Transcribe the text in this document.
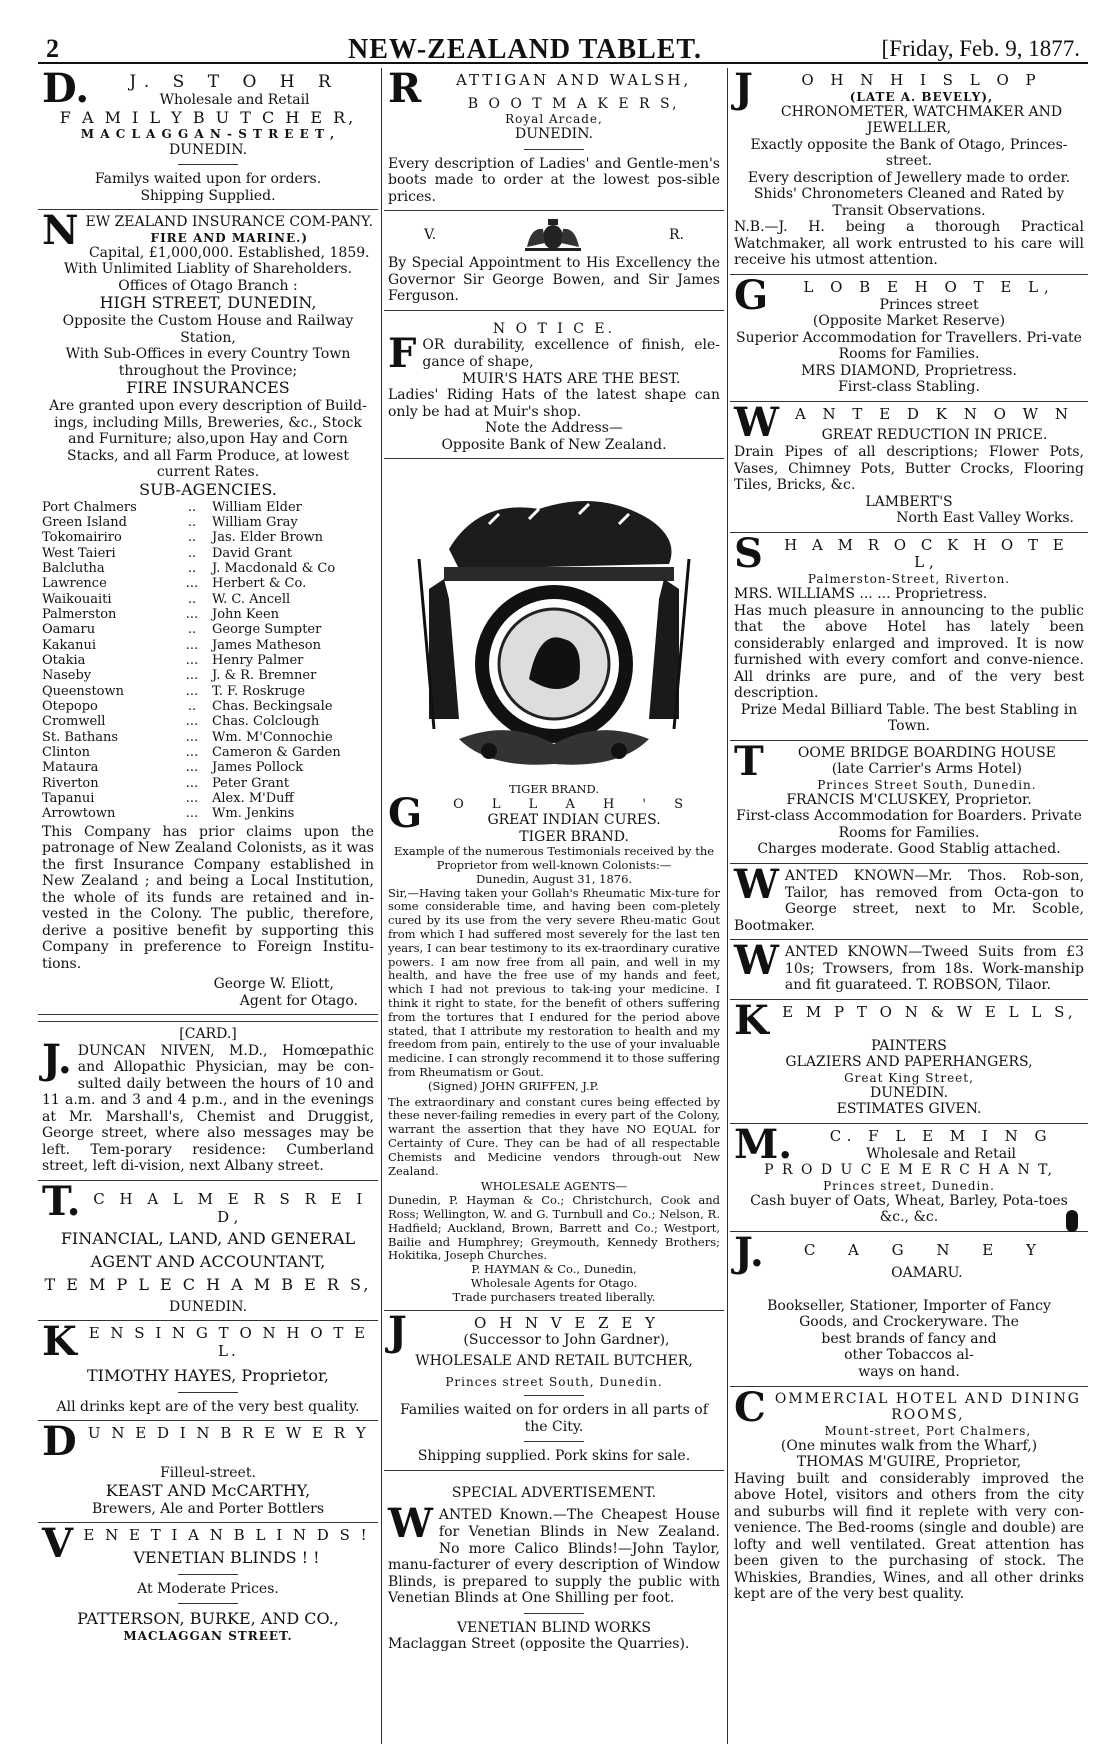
2	NEW-ZEALAND TABLET.	[Friday, Feb. 9, 1877.
D.	J. S T O H R
Wholesale and Retail
F A M I L Y B U T C H E R,
M A C L A G G A N - S T R E E T ,
DUNEDIN.
Familys waited upon for orders.
Shipping Supplied.
N EW ZEALAND INSURANCE COM-PANY.
FIRE AND MARINE.)
Capital, £1,000,000. Established, 1859.
With Unlimited Liablity of Shareholders.
Offices of Otago Branch :
HIGH STREET, DUNEDIN,
Opposite the Custom House and Railway Station,
With Sub-Offices in every Country Town throughout the Province;
FIRE INSURANCES
Are granted upon every description of Build-ings, including Mills, Breweries, &c., Stock and Furniture; also,upon Hay and Corn Stacks, and all Farm Produce, at lowest current Rates.
SUB-AGENCIES.
Port Chalmers	..	William Elder
Green Island	..	William Gray
Tokomairiro	..	Jas. Elder Brown
West Taieri	..	David Grant
Balclutha	..	J. Macdonald & Co
Lawrence	...	Herbert & Co.
Waikouaiti	..	W. C. Ancell
Palmerston	...	John Keen
Oamaru	..	George Sumpter
Kakanui	...	James Matheson
Otakia	...	Henry Palmer
Naseby	...	J. & R. Bremner
Queenstown	...	T. F. Roskruge
Otepopo	..	Chas. Beckingsale
Cromwell	...	Chas. Colclough
St. Bathans	...	Wm. M'Connochie
Clinton	...	Cameron & Garden
Mataura	...	James Pollock
Riverton	...	Peter Grant
Tapanui	...	Alex. M'Duff
Arrowtown	...	Wm. Jenkins
This Company has prior claims upon the patronage of New Zealand Colonists, as it was the first Insurance Company established in New Zealand ; and being a Local Institution, the whole of its funds are retained and in-vested in the Colony. The public, therefore, derive a positive benefit by supporting this Company in preference to Foreign Institu-tions.
George W. Eliott,
Agent for Otago.
[CARD.]
J. DUNCAN NIVEN, M.D., Homœpathic and Allopathic Physician, may be con-sulted daily between the hours of 10 and 11 a.m. and 3 and 4 p.m., and in the evenings at Mr. Marshall's, Chemist and Druggist, George street, where also messages may be left. Tem-porary residence: Cumberland street, left di-vision, next Albany street.
T. C H A L M E R S R E I D,
FINANCIAL, LAND, AND GENERAL
AGENT AND ACCOUNTANT,
T E M P L E C H A M B E R S,
DUNEDIN.
K E N S I N G T O N H O T E L.
TIMOTHY HAYES, Proprietor,
All drinks kept are of the very best quality.
D U N E D I N B R E W E R Y
Filleul-street.
KEAST AND McCARTHY,
Brewers, Ale and Porter Bottlers
V E N E T I A N B L I N D S !
VENETIAN BLINDS ! !
At Moderate Prices.
PATTERSON, BURKE, AND CO.,
MACLAGGAN STREET.
R	ATTIGAN AND WALSH,
B O O T M A K E R S,
Royal Arcade,
DUNEDIN.
Every description of Ladies' and Gentle-men's boots made to order at the lowest pos-sible prices.
V.	R.
By Special Appointment to His Excellency the Governor Sir George Bowen, and Sir James Ferguson.
N O T I C E.
F OR durability, excellence of finish, ele-gance of shape,
MUIR'S HATS ARE THE BEST.
Ladies' Riding Hats of the latest shape can only be had at Muir's shop.
Note the Address—
Opposite Bank of New Zealand.
TIGER BRAND.
G	O L L A H ' S
GREAT INDIAN CURES.
TIGER BRAND.
Example of the numerous Testimonials received by the Proprietor from well-known Colonists:—
Dunedin, August 31, 1876.
Sir,—Having taken your Gollah's Rheumatic Mix-ture for some considerable time, and having been com-pletely cured by its use from the very severe Rheu-matic Gout from which I had suffered most severely for the last ten years, I can bear testimony to its ex-traordinary curative powers. I am now free from all pain, and well in my health, and have the free use of my hands and feet, which I had not previous to tak-ing your medicine. I think it right to state, for the benefit of others suffering from the tortures that I endured for the period above stated, that I attribute my restoration to health and my freedom from pain, entirely to the use of your invaluable medicine. I can strongly recommend it to those suffering from Rheumatism or Gout.
(Signed) JOHN GRIFFEN, J.P.
The extraordinary and constant cures being effected by these never-failing remedies in every part of the Colony, warrant the assertion that they have NO EQUAL for Certainty of Cure. They can be had of all respectable Chemists and Medicine vendors through-out New Zealand.
WHOLESALE AGENTS—
Dunedin, P. Hayman & Co.; Christchurch, Cook and Ross; Wellington, W. and G. Turnbull and Co.; Nelson, R. Hadfield; Auckland, Brown, Barrett and Co.; Westport, Bailie and Humphrey; Greymouth, Kennedy Brothers; Hokitika, Joseph Churches.
P. HAYMAN & Co., Dunedin,
Wholesale Agents for Otago.
Trade purchasers treated liberally.
J	O H N V E Z E Y
(Successor to John Gardner),
WHOLESALE AND RETAIL BUTCHER,
Princes street South, Dunedin.
Families waited on for orders in all parts of the City.
Shipping supplied. Pork skins for sale.
SPECIAL ADVERTISEMENT.
W ANTED Known.—The Cheapest House for Venetian Blinds in New Zealand. No more Calico Blinds!—John Taylor, manu-facturer of every description of Window Blinds, is prepared to supply the public with Venetian Blinds at One Shilling per foot.
VENETIAN BLIND WORKS
Maclaggan Street (opposite the Quarries).
J	O H N H I S L O P
(LATE A. BEVELY),
CHRONOMETER, WATCHMAKER AND JEWELLER,
Exactly opposite the Bank of Otago, Princes-street.
Every description of Jewellery made to order.
Shids' Chronometers Cleaned and Rated by Transit Observations.
N.B.—J. H. being a thorough Practical Watchmaker, all work entrusted to his care will receive his utmost attention.
G	L O B E H O T E L,
Princes street
(Opposite Market Reserve)
Superior Accommodation for Travellers. Pri-vate Rooms for Families.
MRS DIAMOND, Proprietress.
First-class Stabling.
W	A N T E D K N O W N
GREAT REDUCTION IN PRICE.
Drain Pipes of all descriptions; Flower Pots, Vases, Chimney Pots, Butter Crocks, Flooring Tiles, Bricks, &c.
LAMBERT'S
North East Valley Works.
S	H A M R O C K H O T E L,
Palmerston-Street, Riverton.
MRS. WILLIAMS ... ... Proprietress.
Has much pleasure in announcing to the public that the above Hotel has lately been considerably enlarged and improved. It is now furnished with every comfort and conve-nience. All drinks are pure, and of the very best description.
Prize Medal Billiard Table. The best Stabling in Town.
T	OOME BRIDGE BOARDING HOUSE
(late Carrier's Arms Hotel)
Princes Street South, Dunedin.
FRANCIS M'CLUSKEY, Proprietor.
First-class Accommodation for Boarders. Private Rooms for Families.
Charges moderate. Good Stablig attached.
W ANTED KNOWN—Mr. Thos. Rob-son, Tailor, has removed from Octa-gon to George street, next to Mr. Scoble, Bootmaker.
W ANTED KNOWN—Tweed Suits from £3 10s; Trowsers, from 18s. Work-manship and fit guarateed. T. ROBSON, Tilaor.
K E M P T O N & W E L L S,
PAINTERS
GLAZIERS AND PAPERHANGERS,
Great King Street,
DUNEDIN.
ESTIMATES GIVEN.
M.	C. F L E M I N G
Wholesale and Retail
P R O D U C E M E R C H A N T,
Princes street, Dunedin.
Cash buyer of Oats, Wheat, Barley, Pota-toes &c., &c.
J.	C A G N E Y
OAMARU.
Bookseller, Stationer, Importer of Fancy
Goods, and Crockeryware. The
best brands of fancy and
other Tobaccos al-
ways on hand.
C OMMERCIAL HOTEL AND DINING ROOMS,
Mount-street, Port Chalmers,
(One minutes walk from the Wharf,)
THOMAS M'GUIRE, Proprietor,
Having built and considerably improved the above Hotel, visitors and others from the city and suburbs will find it replete with very con-venience. The Bed-rooms (single and double) are lofty and well ventilated. Great attention has been given to the purchasing of stock. The Whiskies, Brandies, Wines, and all other drinks kept are of the very best quality.
